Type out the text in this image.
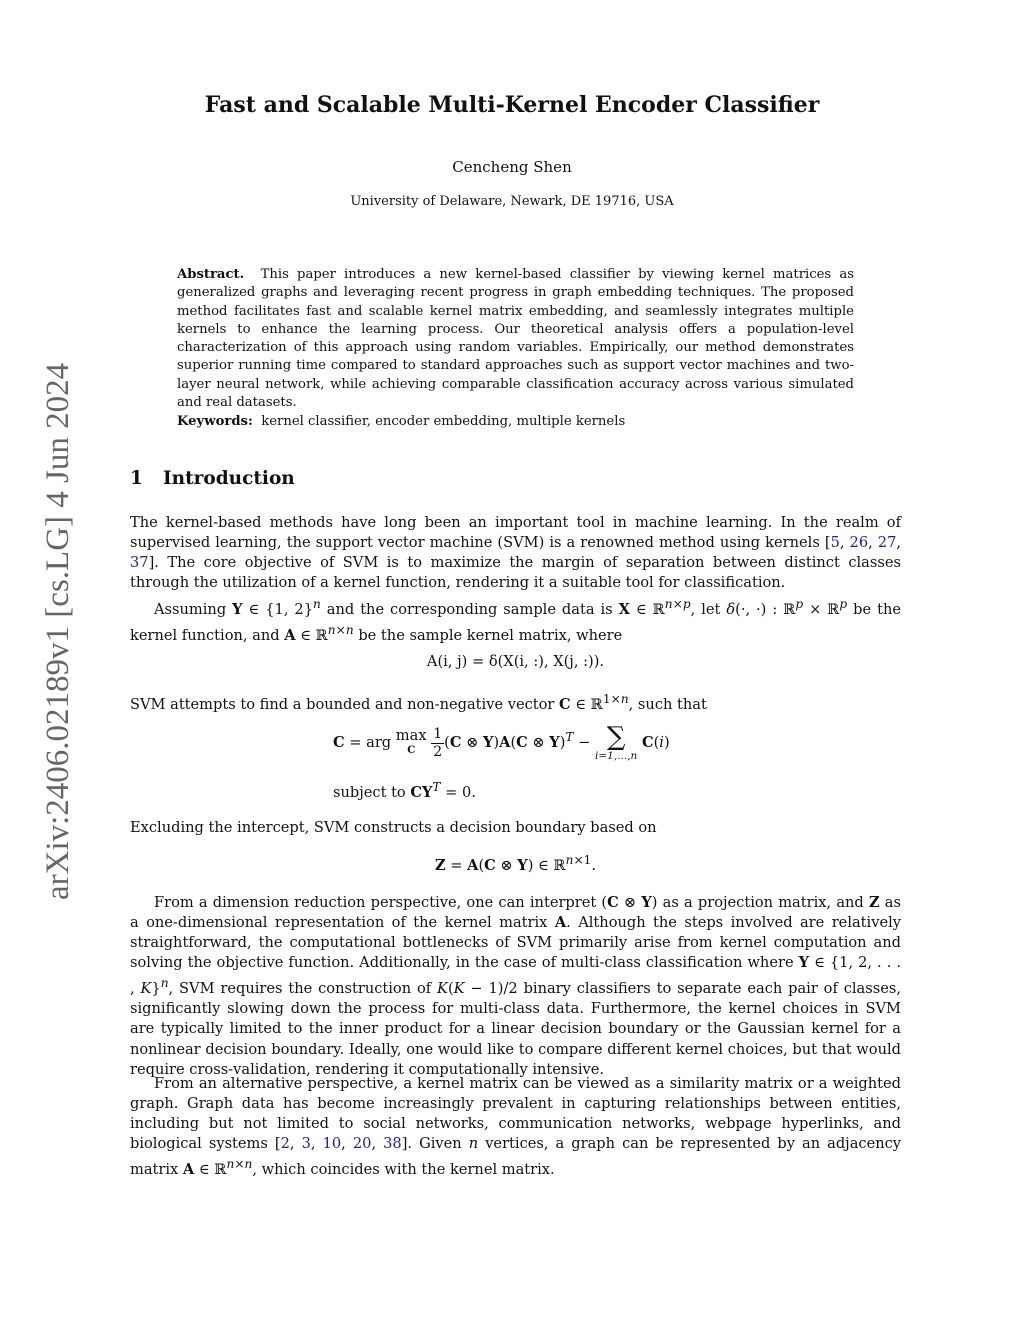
arXiv:2406.02189v1 [cs.LG] 4 Jun 2024
Fast and Scalable Multi-Kernel Encoder Classifier
Cencheng Shen
University of Delaware, Newark, DE 19716, USA
Abstract. This paper introduces a new kernel-based classifier by viewing kernel matrices as generalized graphs and leveraging recent progress in graph embedding techniques. The proposed method facilitates fast and scalable kernel matrix embedding, and seamlessly integrates multiple kernels to enhance the learning process. Our theoretical analysis offers a population-level characterization of this approach using random variables. Empirically, our method demonstrates superior running time compared to standard approaches such as support vector machines and two-layer neural network, while achieving comparable classification accuracy across various simulated and real datasets.
Keywords: kernel classifier, encoder embedding, multiple kernels
1 Introduction
The kernel-based methods have long been an important tool in machine learning. In the realm of supervised learning, the support vector machine (SVM) is a renowned method using kernels [5, 26, 27, 37]. The core objective of SVM is to maximize the margin of separation between distinct classes through the utilization of a kernel function, rendering it a suitable tool for classification.
Assuming Y ∈ {1, 2}$^n$ and the corresponding sample data is X ∈ ℝ$^{n\times p}$, let δ(·, ·) : ℝ$^p$ × ℝ$^p$ be the kernel function, and A ∈ ℝ$^{n\times n}$ be the sample kernel matrix, where
A(i, j) = δ(X(i, :), X(j, :)).
SVM attempts to find a bounded and non-negative vector C ∈ ℝ$^{1\times n}$, such that
C = arg max
C
	$\frac{1}{2} (C$ ⊗ Y)A(C ⊗ Y)$^T$ − ∑
i=1,...,n
C(i)
subject to $CY^T = 0$.
Excluding the intercept, SVM constructs a decision boundary based on
Z = A(C ⊗ Y) ∈ ℝ$^{n\times 1}$.
From a dimension reduction perspective, one can interpret (C ⊗ Y) as a projection matrix, and Z as a one-dimensional representation of the kernel matrix A. Although the steps involved are relatively straightforward, the computational bottlenecks of SVM primarily arise from kernel computation and solving the objective function. Additionally, in the case of multi-class classification where Y ∈ {1, 2, . . . , K}$^n$, SVM requires the construction of K(K − 1)/2 binary classifiers to separate each pair of classes, significantly slowing down the process for multi-class data. Furthermore, the kernel choices in SVM are typically limited to the inner product for a linear decision boundary or the Gaussian kernel for a nonlinear decision boundary. Ideally, one would like to compare different kernel choices, but that would require cross-validation, rendering it computationally intensive.
From an alternative perspective, a kernel matrix can be viewed as a similarity matrix or a weighted graph. Graph data has become increasingly prevalent in capturing relationships between entities, including but not limited to social networks, communication networks, webpage hyperlinks, and biological systems [2, 3, 10, 20, 38]. Given n vertices, a graph can be represented by an adjacency matrix A ∈ ℝ$^{n\times n}$, which coincides with the kernel matrix.
